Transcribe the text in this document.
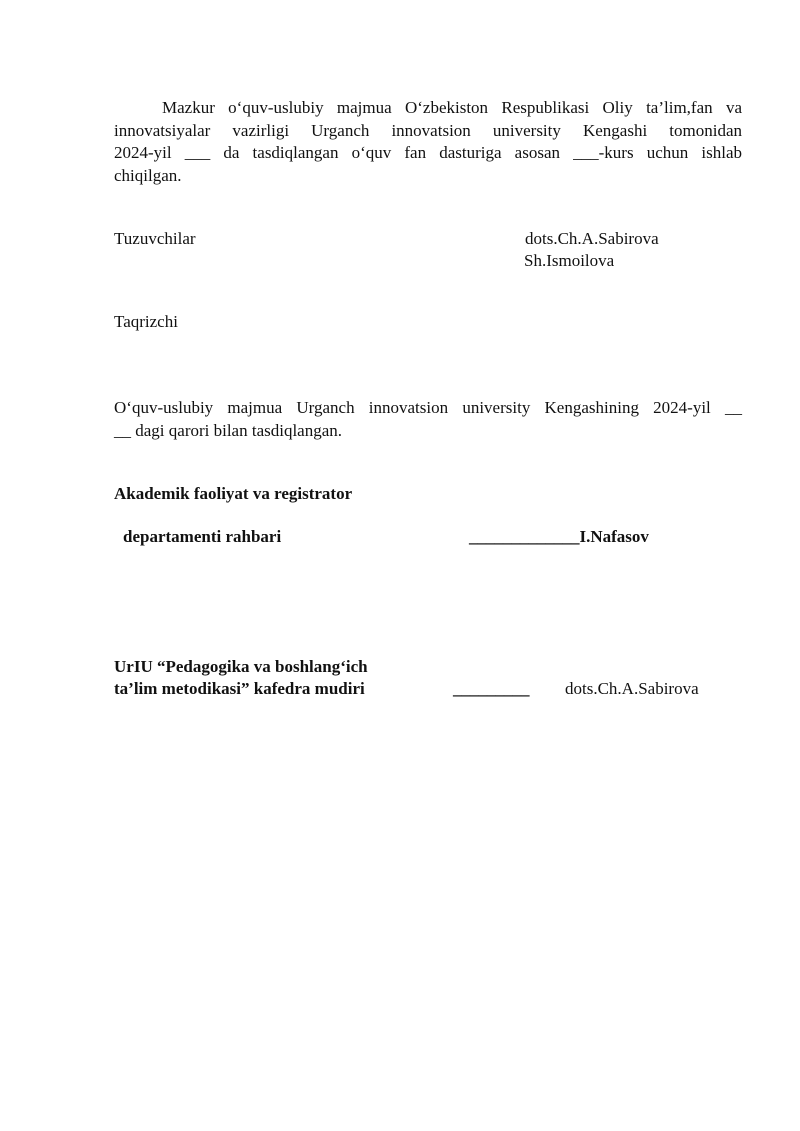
Mazkur o‘quv-uslubiy majmua O‘zbekiston Respublikasi Oliy ta’lim,fan va
innovatsiyalar vazirligi Urganch innovatsion university Kengashi tomonidan
2024-yil ___ da tasdiqlangan o‘quv fan dasturiga asosan ___-kurs uchun ishlab
chiqilgan.
Tuzuvchilar	dots.Ch.A.Sabirova
Sh.Ismoilova
Taqrizchi
O‘quv-uslubiy majmua Urganch innovatsion university Kengashining 2024-yil __
__ dagi qarori bilan tasdiqlangan.
Akademik faoliyat va registrator
departamenti rahbari	_____________I.Nafasov
UrIU “Pedagogika va boshlang‘ich
ta’lim metodikasi” kafedra mudiri	_________ dots.Ch.A.Sabirova
